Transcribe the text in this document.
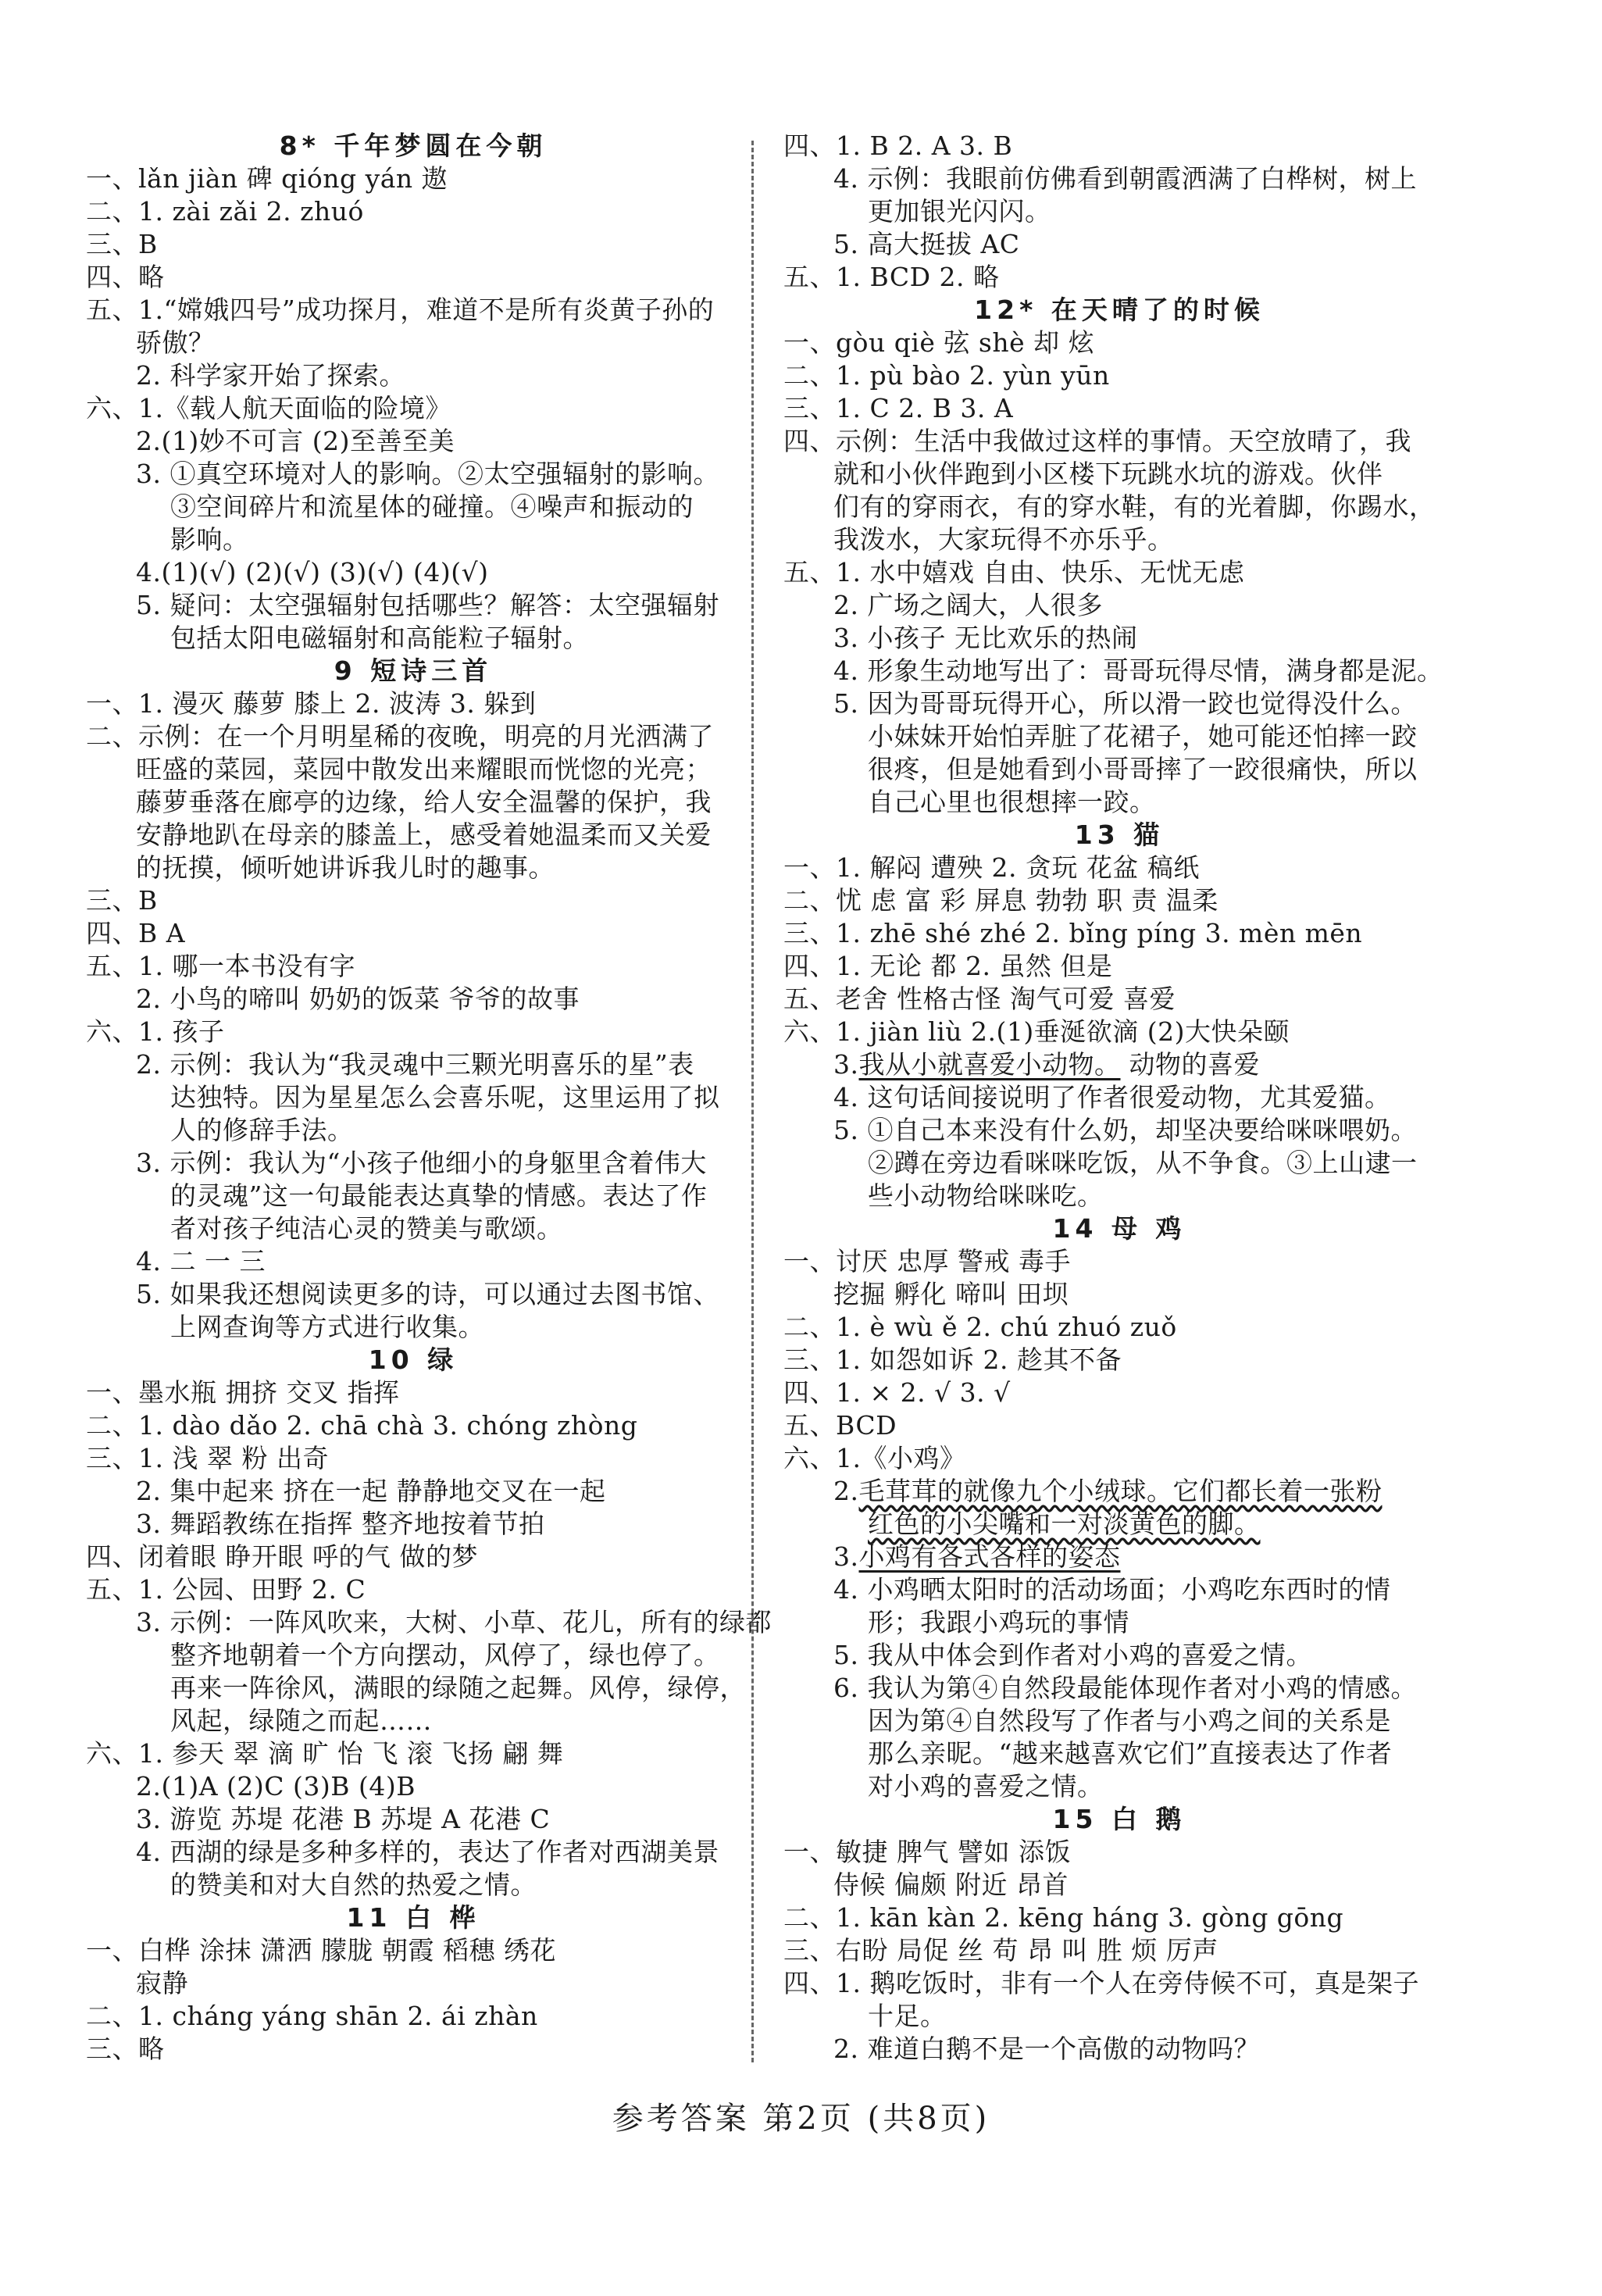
8* 千年梦圆在今朝
一、lǎn jiàn 碑 qióng yán 遨
二、1. zài zǎi 2. zhuó
三、B
四、略
五、1.“嫦娥四号”成功探月，难道不是所有炎黄子孙的
骄傲？
2. 科学家开始了探索。
六、1.《载人航天面临的险境》
2.(1)妙不可言 (2)至善至美
3. ①真空环境对人的影响。②太空强辐射的影响。
③空间碎片和流星体的碰撞。④噪声和振动的
影响。
4.(1)(√) (2)(√) (3)(√) (4)(√)
5. 疑问：太空强辐射包括哪些？解答：太空强辐射
包括太阳电磁辐射和高能粒子辐射。
9 短诗三首
一、1. 漫灭 藤萝 膝上 2. 波涛 3. 躲到
二、示例：在一个月明星稀的夜晚，明亮的月光洒满了
旺盛的菜园，菜园中散发出来耀眼而恍惚的光亮；
藤萝垂落在廊亭的边缘，给人安全温馨的保护，我
安静地趴在母亲的膝盖上，感受着她温柔而又关爱
的抚摸，倾听她讲诉我儿时的趣事。
三、B
四、B A
五、1. 哪一本书没有字
2. 小鸟的啼叫 奶奶的饭菜 爷爷的故事
六、1. 孩子
2. 示例：我认为“我灵魂中三颗光明喜乐的星”表
达独特。因为星星怎么会喜乐呢，这里运用了拟
人的修辞手法。
3. 示例：我认为“小孩子他细小的身躯里含着伟大
的灵魂”这一句最能表达真挚的情感。表达了作
者对孩子纯洁心灵的赞美与歌颂。
4. 二 一 三
5. 如果我还想阅读更多的诗，可以通过去图书馆、
上网查询等方式进行收集。
10 绿
一、墨水瓶 拥挤 交叉 指挥
二、1. dào dǎo 2. chā chà 3. chóng zhòng
三、1. 浅 翠 粉 出奇
2. 集中起来 挤在一起 静静地交叉在一起
3. 舞蹈教练在指挥 整齐地按着节拍
四、闭着眼 睁开眼 呼的气 做的梦
五、1. 公园、田野 2. C
3. 示例：一阵风吹来，大树、小草、花儿，所有的绿都
整齐地朝着一个方向摆动，风停了，绿也停了。
再来一阵徐风，满眼的绿随之起舞。风停，绿停，
风起，绿随之而起……
六、1. 参天 翠 滴 旷 怡 飞 滚 飞扬 翩 舞
2.(1)A (2)C (3)B (4)B
3. 游览 苏堤 花港 B 苏堤 A 花港 C
4. 西湖的绿是多种多样的，表达了作者对西湖美景
的赞美和对大自然的热爱之情。
11 白 桦
一、白桦 涂抹 潇洒 朦胧 朝霞 稻穗 绣花
寂静
二、1. cháng yáng shān 2. ái zhàn
三、略
四、1. B 2. A 3. B
4. 示例：我眼前仿佛看到朝霞洒满了白桦树，树上
更加银光闪闪。
5. 高大挺拔 AC
五、1. BCD 2. 略
12* 在天晴了的时候
一、gòu qiè 弦 shè 却 炫
二、1. pù bào 2. yùn yūn
三、1. C 2. B 3. A
四、示例：生活中我做过这样的事情。天空放晴了，我
就和小伙伴跑到小区楼下玩跳水坑的游戏。伙伴
们有的穿雨衣，有的穿水鞋，有的光着脚，你踢水，
我泼水，大家玩得不亦乐乎。
五、1. 水中嬉戏 自由、快乐、无忧无虑
2. 广场之阔大，人很多
3. 小孩子 无比欢乐的热闹
4. 形象生动地写出了：哥哥玩得尽情，满身都是泥。
5. 因为哥哥玩得开心，所以滑一跤也觉得没什么。
小妹妹开始怕弄脏了花裙子，她可能还怕摔一跤
很疼，但是她看到小哥哥摔了一跤很痛快，所以
自己心里也很想摔一跤。
13 猫
一、1. 解闷 遭殃 2. 贪玩 花盆 稿纸
二、忧 虑 富 彩 屏息 勃勃 职 责 温柔
三、1. zhē shé zhé 2. bǐng píng 3. mèn mēn
四、1. 无论 都 2. 虽然 但是
五、老舍 性格古怪 淘气可爱 喜爱
六、1. jiàn liù 2.(1)垂涎欲滴 (2)大快朵颐
3.我从小就喜爱小动物。 动物的喜爱
4. 这句话间接说明了作者很爱动物，尤其爱猫。
5. ①自己本来没有什么奶，却坚决要给咪咪喂奶。
②蹲在旁边看咪咪吃饭，从不争食。③上山逮一
些小动物给咪咪吃。
14 母 鸡
一、讨厌 忠厚 警戒 毒手
挖掘 孵化 啼叫 田坝
二、1. è wù ě 2. chú zhuó zuǒ
三、1. 如怨如诉 2. 趁其不备
四、1. × 2. √ 3. √
五、BCD
六、1.《小鸡》
2.毛茸茸的就像九个小绒球。它们都长着一张粉
红色的小尖嘴和一对淡黄色的脚。
3.小鸡有各式各样的姿态
4. 小鸡晒太阳时的活动场面；小鸡吃东西时的情
形；我跟小鸡玩的事情
5. 我从中体会到作者对小鸡的喜爱之情。
6. 我认为第④自然段最能体现作者对小鸡的情感。
因为第④自然段写了作者与小鸡之间的关系是
那么亲昵。“越来越喜欢它们”直接表达了作者
对小鸡的喜爱之情。
15 白 鹅
一、敏捷 脾气 譬如 添饭
侍候 偏颇 附近 昂首
二、1. kān kàn 2. kēng háng 3. gòng gōng
三、右盼 局促 丝 苟 昂 叫 胜 烦 厉声
四、1. 鹅吃饭时，非有一个人在旁侍候不可，真是架子
十足。
2. 难道白鹅不是一个高傲的动物吗？
参考答案 第2页 (共8页)
